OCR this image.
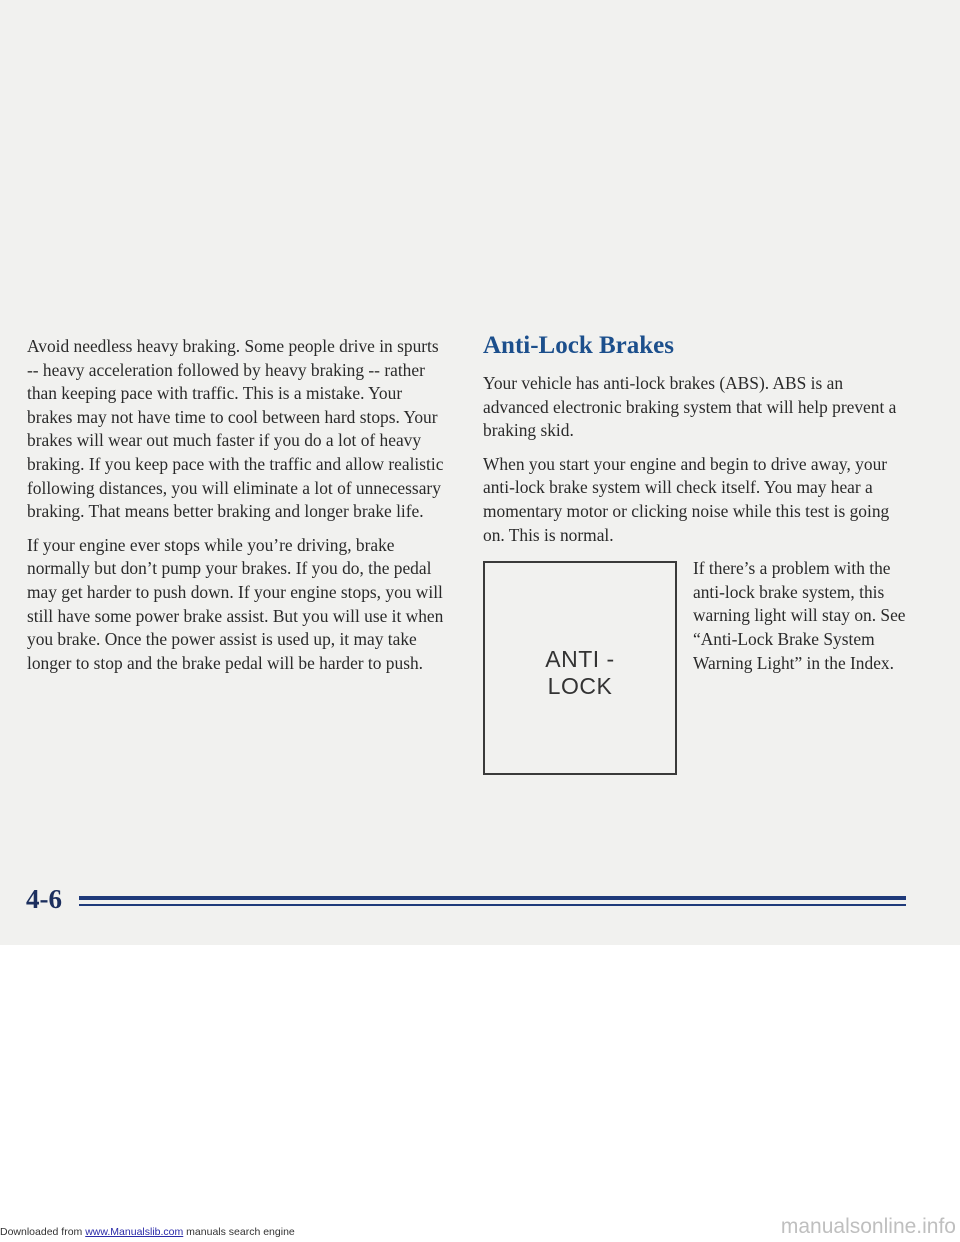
Avoid needless heavy braking. Some people drive in spurts -- heavy acceleration followed by heavy braking -- rather than keeping pace with traffic. This is a mistake. Your brakes may not have time to cool between hard stops. Your brakes will wear out much faster if you do a lot of heavy braking. If you keep pace with the traffic and allow realistic following distances, you will eliminate a lot of unnecessary braking. That means better braking and longer brake life.

If your engine ever stops while you’re driving, brake normally but don’t pump your brakes. If you do, the pedal may get harder to push down. If your engine stops, you will still have some power brake assist. But you will use it when you brake. Once the power assist is used up, it may take longer to stop and the brake pedal will be harder to push.

Anti-Lock Brakes

Your vehicle has anti-lock brakes (ABS). ABS is an advanced electronic braking system that will help prevent a braking skid.

When you start your engine and begin to drive away, your anti-lock brake system will check itself. You may hear a momentary motor or clicking noise while this test is going on. This is normal.

ANTI -
LOCK

If there’s a problem with the anti-lock brake system, this warning light will stay on. See “Anti-Lock Brake System Warning Light” in the Index.

4-6
Downloaded from www.Manualslib.com manuals search engine	manualsonline.info
